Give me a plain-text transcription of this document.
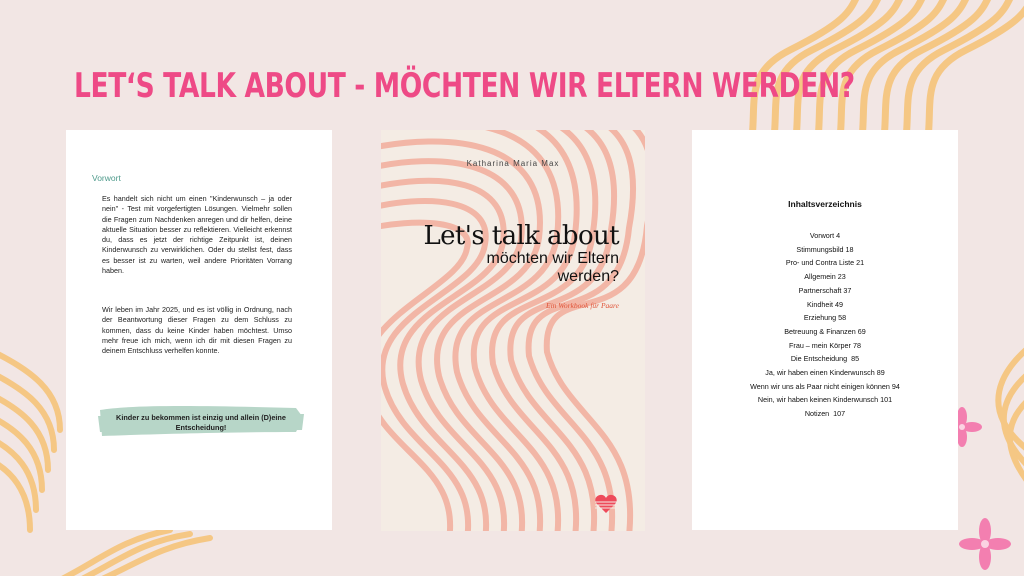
LET‘S TALK ABOUT - MÖCHTEN WIR ELTERN WERDEN?
Vorwort

Es handelt sich nicht um einen "Kinderwunsch – ja oder nein" - Test mit vorgefertigten Lösungen. Vielmehr sollen die Fragen zum Nachdenken anregen und dir helfen, deine aktuelle Situation besser zu reflektieren. Vielleicht erkennst du, dass es jetzt der richtige Zeitpunkt ist, deinen Kinderwunsch zu verwirklichen. Oder du stellst fest, dass es besser ist zu warten, weil andere Prioritäten Vorrang haben.

Wir leben im Jahr 2025, und es ist völlig in Ordnung, nach der Beantwortung dieser Fragen zu dem Schluss zu kommen, dass du keine Kinder haben möchtest. Umso mehr freue ich mich, wenn ich dir mit diesen Fragen zu deinem Entschluss verhelfen konnte.

Kinder zu bekommen ist einzig und allein (D)eine Entscheidung!
Katharina Maria Max
Let's talk about
möchten wir Eltern werden?
Ein Workbook für Paare
Inhaltsverzeichnis
Vorwort 4
Stimmungsbild 18
Pro- und Contra Liste 21
Allgemein 23
Partnerschaft 37
Kindheit 49
Erziehung 58
Betreuung & Finanzen 69
Frau – mein Körper 78
Die Entscheidung  85
Ja, wir haben einen Kinderwunsch 89
Wenn wir uns als Paar nicht einigen können 94
Nein, wir haben keinen Kinderwunsch 101
Notizen  107
